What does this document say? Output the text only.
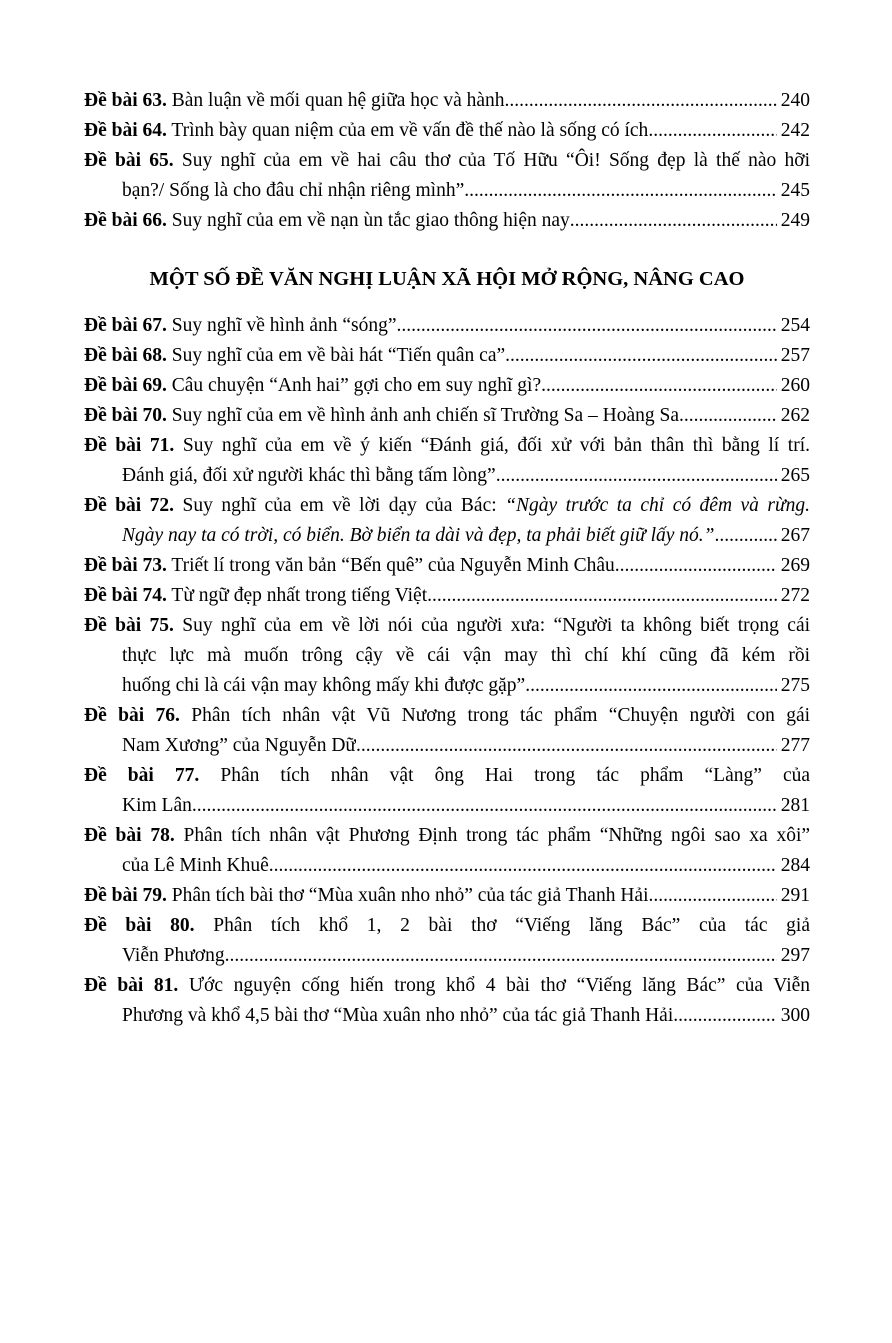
Đề bài 63. Bàn luận về mối quan hệ giữa học và hành .....	240
Đề bài 64. Trình bày quan niệm của em về vấn đề thế nào là sống có ích .....	242
Đề bài 65. Suy nghĩ của em về hai câu thơ của Tố Hữu “Ôi! Sống đẹp là thế nào hỡi
bạn?/ Sống là cho đâu chỉ nhận riêng mình” .....	245
Đề bài 66. Suy nghĩ của em về nạn ùn tắc giao thông hiện nay .....	249
MỘT SỐ ĐỀ VĂN NGHỊ LUẬN XÃ HỘI MỞ RỘNG, NÂNG CAO
Đề bài 67. Suy nghĩ về hình ảnh “sóng” .....	254
Đề bài 68. Suy nghĩ của em về bài hát “Tiến quân ca” .....	257
Đề bài 69. Câu chuyện “Anh hai” gợi cho em suy nghĩ gì? .....	260
Đề bài 70. Suy nghĩ của em về hình ảnh anh chiến sĩ Trường Sa – Hoàng Sa .....	262
Đề bài 71. Suy nghĩ của em về ý kiến “Đánh giá, đối xử với bản thân thì bằng lí trí.
Đánh giá, đối xử người khác thì bằng tấm lòng” .....	265
Đề bài 72. Suy nghĩ của em về lời dạy của Bác: “Ngày trước ta chỉ có đêm và rừng.
Ngày nay ta có trời, có biển. Bờ biển ta dài và đẹp, ta phải biết giữ lấy nó.” .....	267
Đề bài 73. Triết lí trong văn bản “Bến quê” của Nguyễn Minh Châu .....	269
Đề bài 74. Từ ngữ đẹp nhất trong tiếng Việt .....	272
Đề bài 75. Suy nghĩ của em về lời nói của người xưa: “Người ta không biết trọng cái
thực lực mà muốn trông cậy về cái vận may thì chí khí cũng đã kém rồi
huống chi là cái vận may không mấy khi được gặp” .....	275
Đề bài 76. Phân tích nhân vật Vũ Nương trong tác phẩm “Chuyện người con gái
Nam Xương” của Nguyễn Dữ .....	277
Đề bài 77. Phân tích nhân vật ông Hai trong tác phẩm “Làng” của
Kim Lân .....	281
Đề bài 78. Phân tích nhân vật Phương Định trong tác phẩm “Những ngôi sao xa xôi”
của Lê Minh Khuê .....	284
Đề bài 79. Phân tích bài thơ “Mùa xuân nho nhỏ” của tác giả Thanh Hải .....	291
Đề bài 80. Phân tích khổ 1, 2 bài thơ “Viếng lăng Bác” của tác giả
Viễn Phương .....	297
Đề bài 81. Ước nguyện cống hiến trong khổ 4 bài thơ “Viếng lăng Bác” của Viễn
Phương và khổ 4,5 bài thơ “Mùa xuân nho nhỏ” của tác giả Thanh Hải .....	300
